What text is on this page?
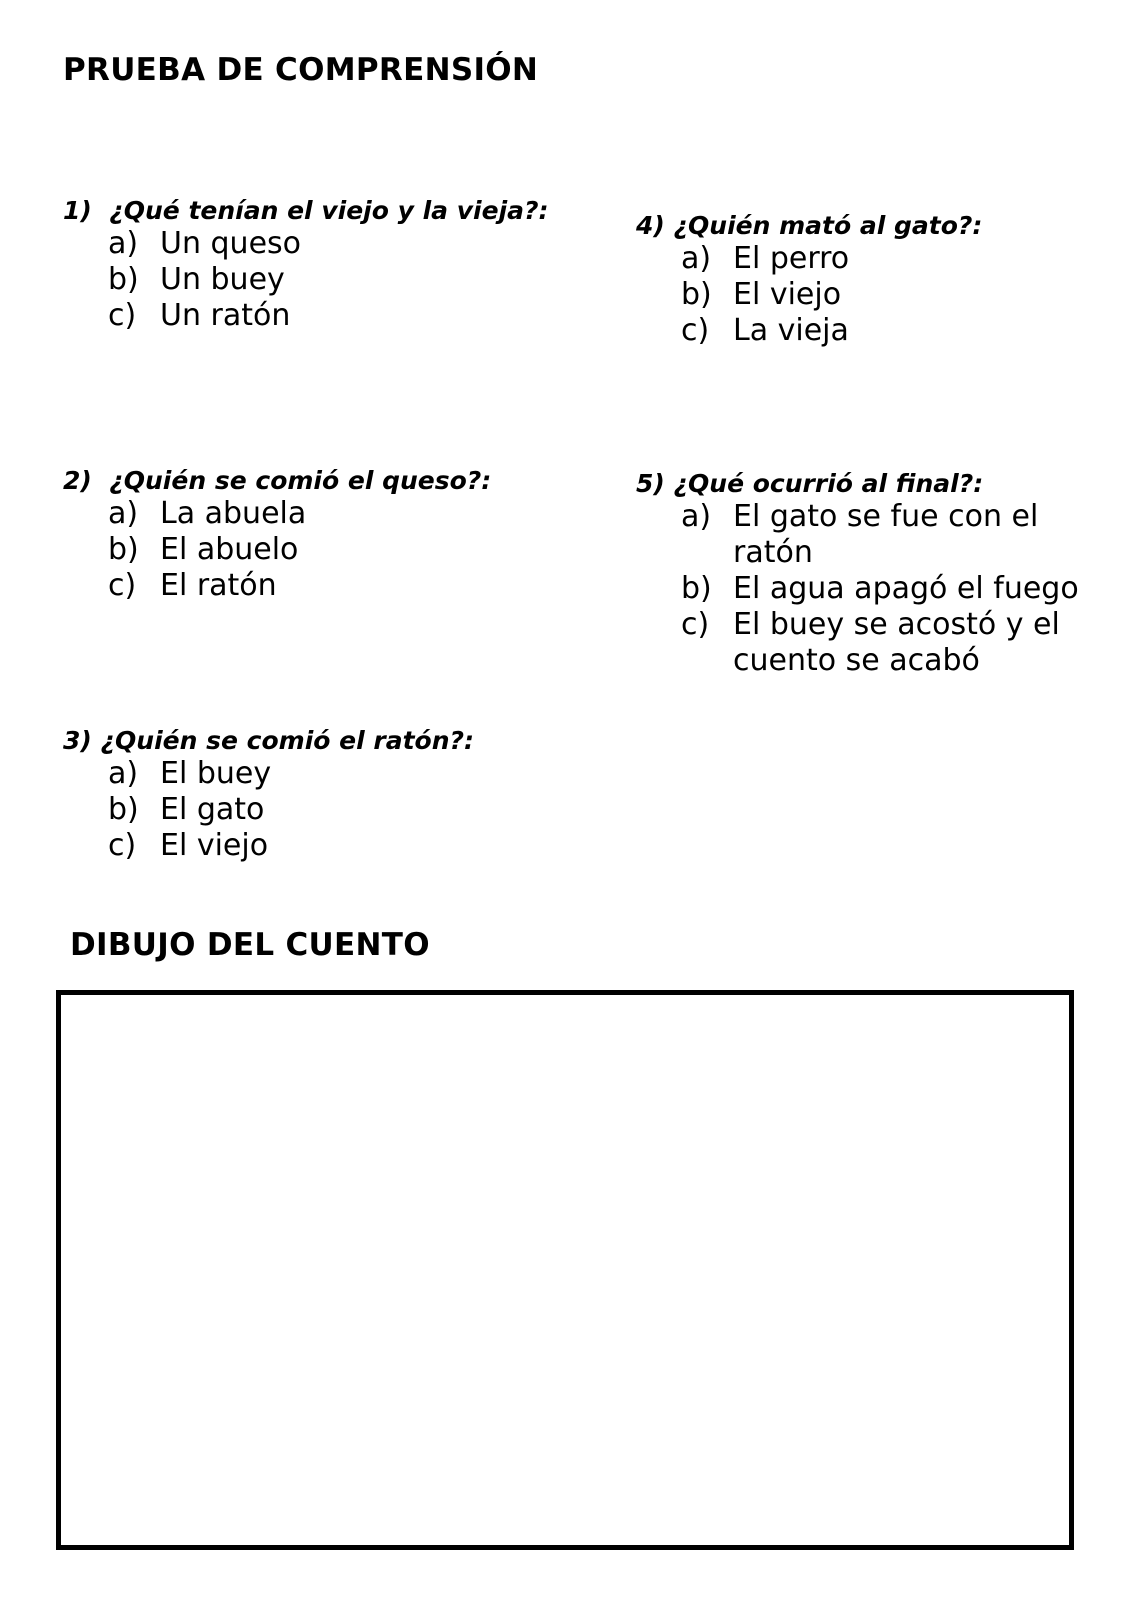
PRUEBA DE COMPRENSIÓN

1) ¿Qué tenían el viejo y la vieja?:

a) Un queso
b) Un buey
c) Un ratón

2) ¿Quién se comió el queso?:

a) La abuela
b) El abuelo
c) El ratón

3) ¿Quién se comió el ratón?:

a) El buey
b) El gato
c) El viejo

4) ¿Quién mató al gato?:

a) El perro
b) El viejo
c) La vieja

5) ¿Qué ocurrió al final?:

a) El gato se fue con el ratón
b) El agua apagó el fuego
c) El buey se acostó y el cuento se acabó
DIBUJO DEL CUENTO
